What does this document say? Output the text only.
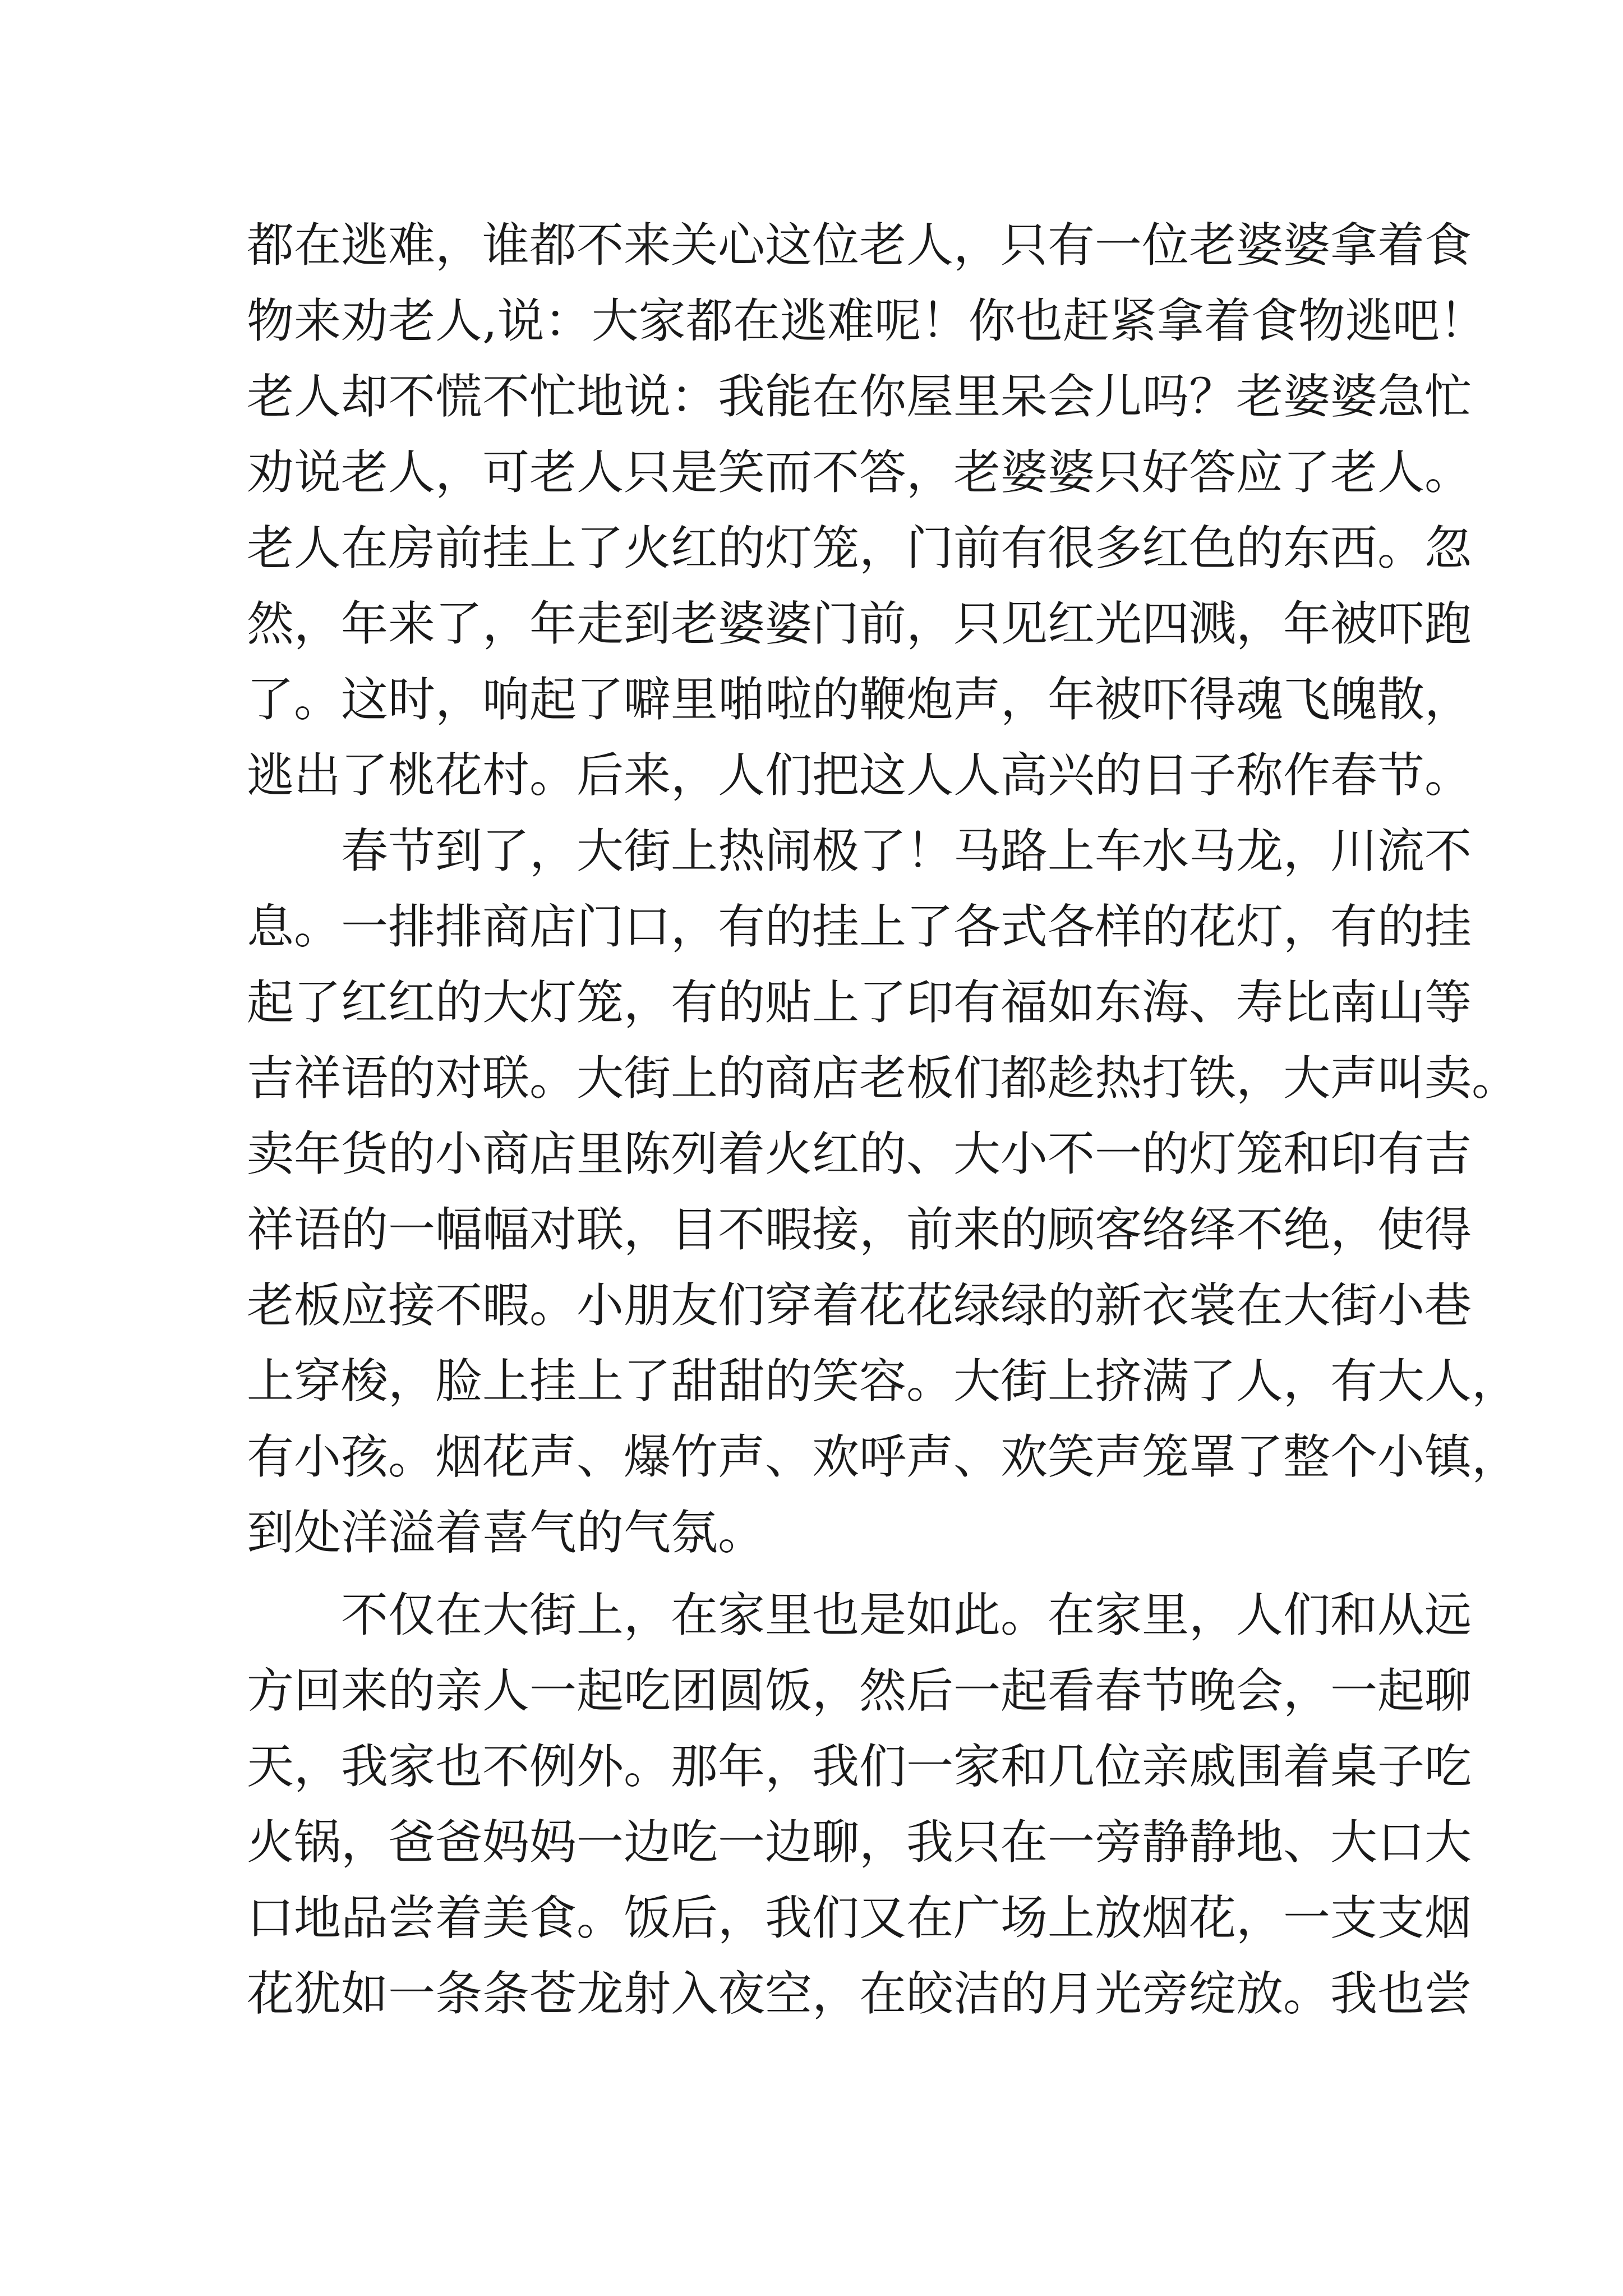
都在逃难，谁都不来关心这位老人，只有一位老婆婆拿着食
物来劝老人,说：大家都在逃难呢！你也赶紧拿着食物逃吧！
老人却不慌不忙地说：我能在你屋里呆会儿吗？老婆婆急忙
劝说老人，可老人只是笑而不答，老婆婆只好答应了老人。
老人在房前挂上了火红的灯笼，门前有很多红色的东西。忽
然，年来了，年走到老婆婆门前，只见红光四溅，年被吓跑
了。这时，响起了噼里啪啦的鞭炮声，年被吓得魂飞魄散，
逃出了桃花村。后来，人们把这人人高兴的日子称作春节。
春节到了，大街上热闹极了！马路上车水马龙，川流不
息。一排排商店门口，有的挂上了各式各样的花灯，有的挂
起了红红的大灯笼，有的贴上了印有福如东海、寿比南山等
吉祥语的对联。大街上的商店老板们都趁热打铁，大声叫卖。
卖年货的小商店里陈列着火红的、大小不一的灯笼和印有吉
祥语的一幅幅对联，目不暇接，前来的顾客络绎不绝，使得
老板应接不暇。小朋友们穿着花花绿绿的新衣裳在大街小巷
上穿梭，脸上挂上了甜甜的笑容。大街上挤满了人，有大人，
有小孩。烟花声、爆竹声、欢呼声、欢笑声笼罩了整个小镇，
到处洋溢着喜气的气氛。
不仅在大街上，在家里也是如此。在家里，人们和从远
方回来的亲人一起吃团圆饭，然后一起看春节晚会，一起聊
天，我家也不例外。那年，我们一家和几位亲戚围着桌子吃
火锅，爸爸妈妈一边吃一边聊，我只在一旁静静地、大口大
口地品尝着美食。饭后，我们又在广场上放烟花，一支支烟
花犹如一条条苍龙射入夜空，在皎洁的月光旁绽放。我也尝
